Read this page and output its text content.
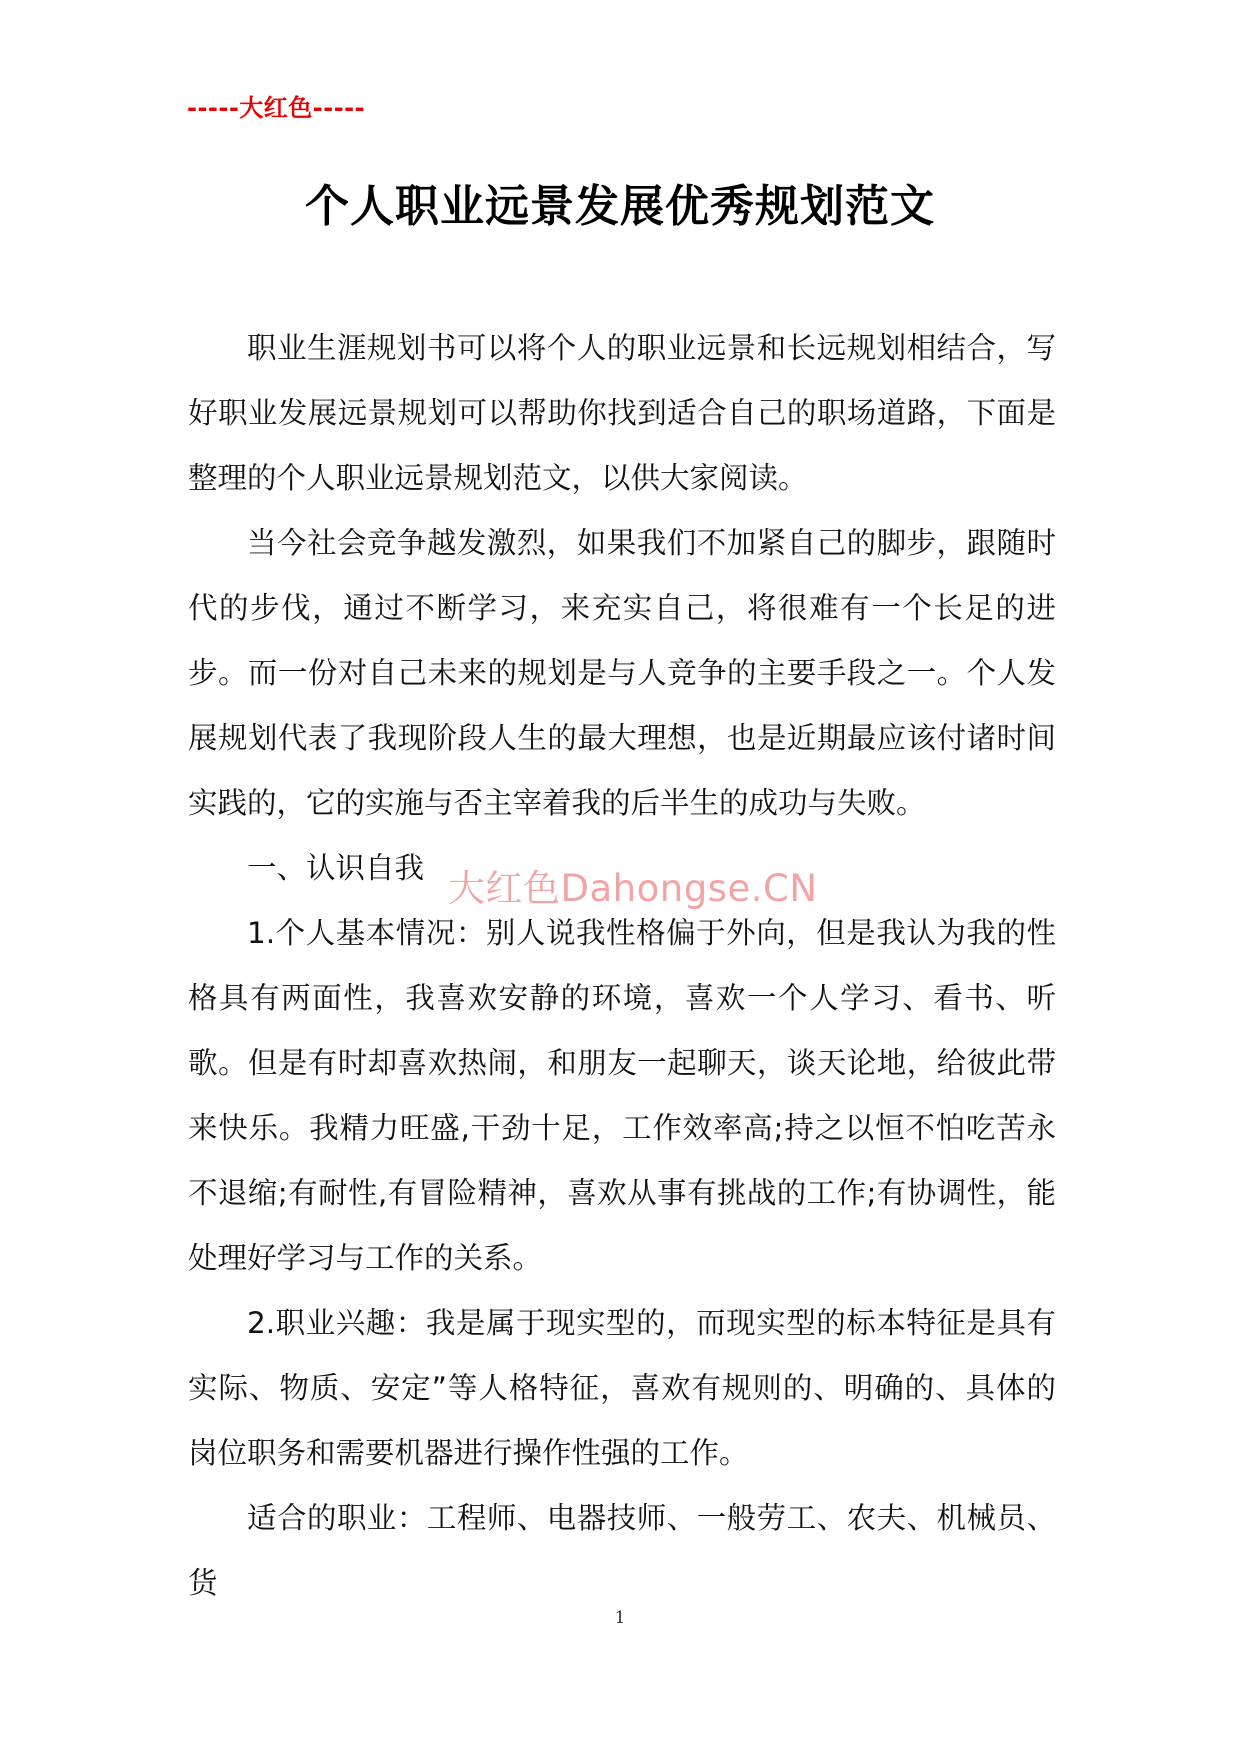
-----大红色-----
个人职业远景发展优秀规划范文

职业生涯规划书可以将个人的职业远景和长远规划相结合，写好职业发展远景规划可以帮助你找到适合自己的职场道路，下面是 整理的个人职业远景规划范文，以供大家阅读。

当今社会竞争越发激烈，如果我们不加紧自己的脚步，跟随时代的步伐，通过不断学习，来充实自己，将很难有一个长足的进步。而一份对自己未来的规划是与人竞争的主要手段之一。个人发展规划代表了我现阶段人生的最大理想，也是近期最应该付诸时间实践的，它的实施与否主宰着我的后半生的成功与失败。

一、认识自我

1.个人基本情况：别人说我性格偏于外向，但是我认为我的性格具有两面性，我喜欢安静的环境，喜欢一个人学习、看书、听歌。但是有时却喜欢热闹，和朋友一起聊天，谈天论地，给彼此带来快乐。我精力旺盛,干劲十足，工作效率高;持之以恒不怕吃苦永不退缩;有耐性,有冒险精神，喜欢从事有挑战的工作;有协调性，能处理好学习与工作的关系。

2.职业兴趣：我是属于现实型的，而现实型的标本特征是具有实际、物质、安定”等人格特征，喜欢有规则的、明确的、具体的岗位职务和需要机器进行操作性强的工作。

适合的职业：工程师、电器技师、一般劳工、农夫、机械员、货

大红色Dahongse.CN
1
